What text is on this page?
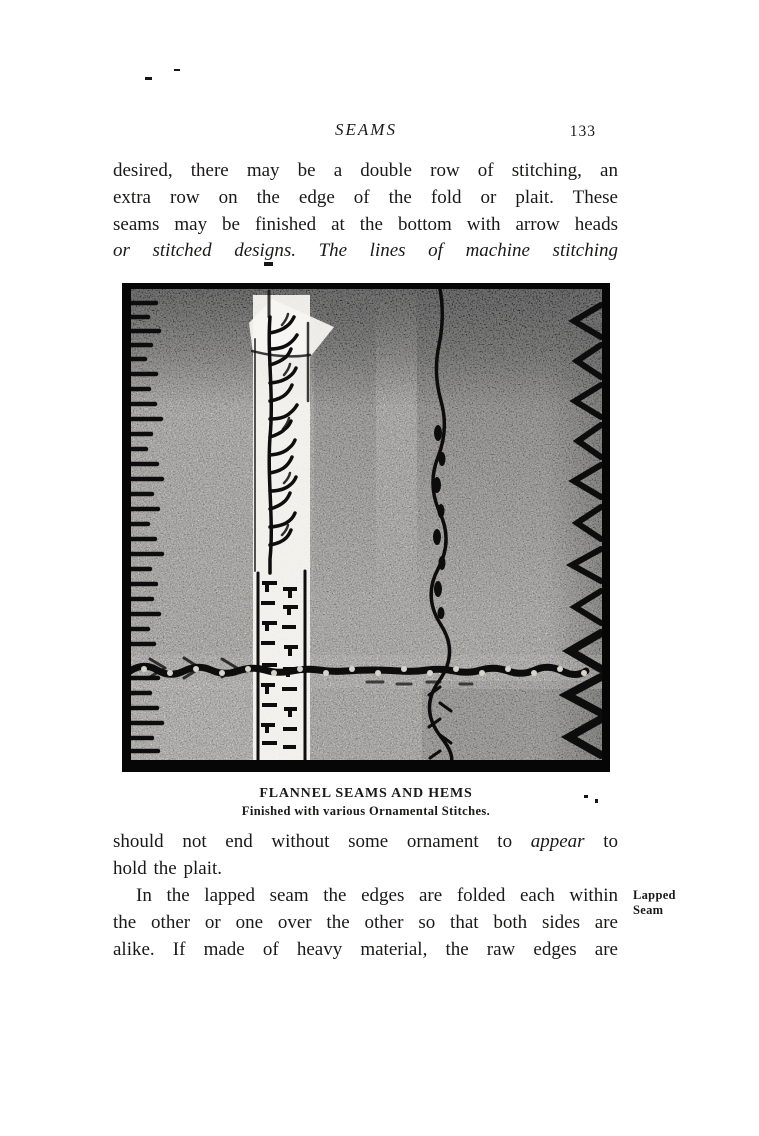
SEAMS	133
desired, there may be a double row of stitching, an
extra row on the edge of the fold or plait. These
seams may be finished at the bottom with arrow heads
or stitched designs. The lines of machine stitching
FLANNEL SEAMS AND HEMS
Finished with various Ornamental Stitches.
should not end without some ornament to appear to
hold the plait.
In the lapped seam the edges are folded each within
the other or one over the other so that both sides are
alike. If made of heavy material, the raw edges are
Lapped
Seam
